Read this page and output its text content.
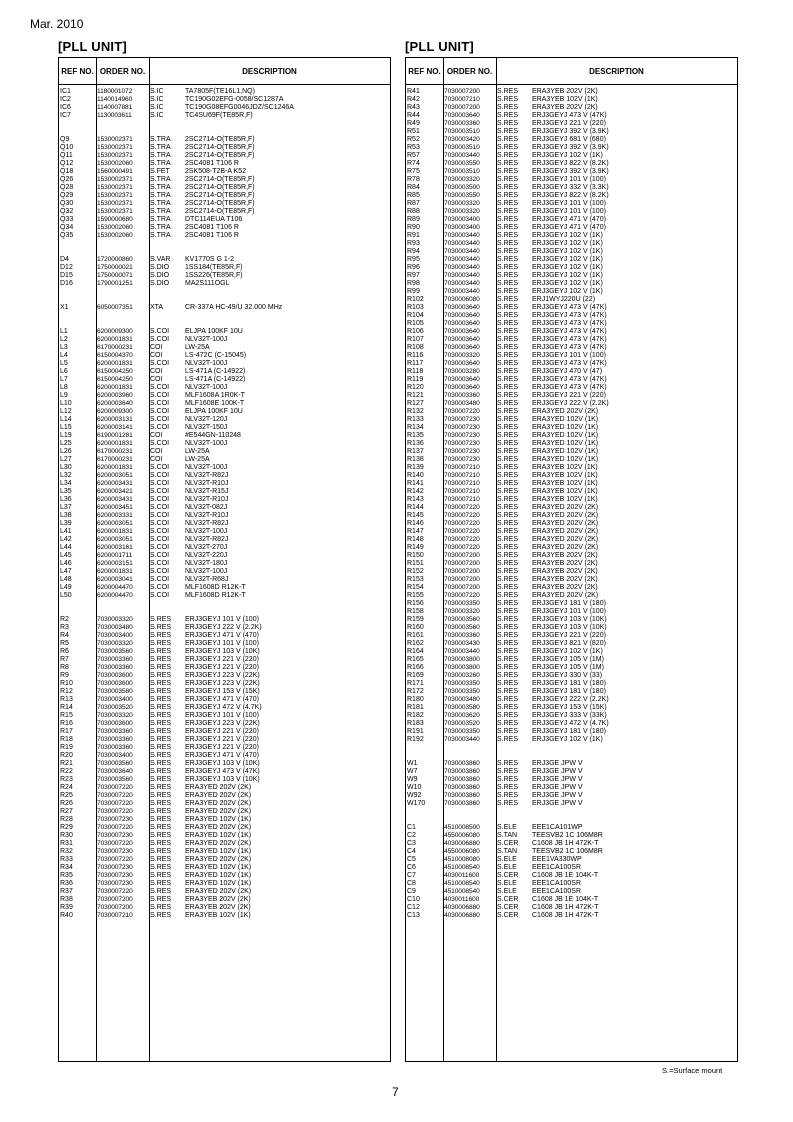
Mar. 2010
[PLL UNIT]	[PLL UNIT]
REF NO. ORDER NO.	DESCRIPTION
IC1	1180001072	S.IC	TA7805F(TE16L1,NQ)
IC2	1140014960	S.IC	TC190G02EFG-0058/SC1287A
IC6	1140007881	S.IC	TC190G08EFG0046JDZ/SC1246A
IC7	1130003611	S.IC	TC4SU69F(TE85R,F)
Q9	1530002371 S.TRA 2SC2714-O(TE85R,F)
Q10	1530002371 S.TRA 2SC2714-O(TE85R,F)
Q11	1530002371 S.TRA 2SC2714-O(TE85R,F)
Q12	1530002060 S.TRA 2SC4081 T106 R
Q18	1560000491 S.FET 2SK508-T2B-A K52
Q26	1530002371 S.TRA 2SC2714-O(TE85R,F)
Q28	1530002371 S.TRA 2SC2714-O(TE85R,F)
Q29	1530002371 S.TRA 2SC2714-O(TE85R,F)
Q30	1530002371 S.TRA 2SC2714-O(TE85R,F)
Q32	1530002371 S.TRA 2SC2714-O(TE85R,F)
Q33	1590000680 S.TRA DTC114EUA T106
Q34	1530002060 S.TRA 2SC4081 T106 R
Q35	1530002060 S.TRA 2SC4081 T106 R
D4	1720000860 S.VAR KV1770S G 1-2
D12	1750000021 S.DIO 1SS184(TE85R,F)
D15	1750000071 S.DIO 1SS226(TE85R,F)
D16	1790001251 S.DIO MA2S111OGL
X1	6050007351 XTA	CR-337A HC-49/U 32.000 MHz
L1	6200009300 S.COI ELJPA 100KF 10U
L2	6200001831 S.COI NLV32T-100J
L3	6170000231 COI	LW-25A
L4	6150004370 COI	LS-472C (C-15045)
L5	6200001831 S.COI NLV32T-100J
L6	6150004250 COI	LS-471A (C-14922)
L7	6150004250 COI	LS-471A (C-14922)
L8	6200001831 S.COI NLV32T-100J
L9	6200003960 S.COI MLF1608A 1R0K-T
L10	6200003640 S.COI MLF1608E 100K-T
L12	6200009300 S.COI ELJPA 100KF 10U
L14	6200003131 S.COI NLV32T-120J
L15	6200003141 S.COI NLV32T-150J
L19	6190001281 COI	#E544GN-110248
L25	6200001831 S.COI NLV32T-100J
L26	6170000231 COI	LW-25A
L27	6170000231 COI	LW-25A
L30	6200001831 S.COI NLV32T-100J
L32	6200003051 S.COI NLV32T-R82J
L34	6200003431 S.COI NLV32T-R10J
L35	6200003421 S.COI NLV32T-R15J
L36	6200003431 S.COI NLV32T-R10J
L37	6200003451 S.COI NLV32T-082J
L38	6200003331 S.COI NLV32T-R10J
L39	6200003051 S.COI NLV32T-R82J
L41	6200001831 S.COI NLV32T-100J
L42	6200003051 S.COI NLV32T-R82J
L44	6200003161 S.COI NLV32T-270J
L45	6200001711	S.COI NLV32T-220J
L46	6200003151 S.COI NLV32T-180J
L47	6200001831 S.COI NLV32T-100J
L48	6200003041 S.COI NLV32T-R68J
L49	6200004470 S.COI MLF1608D R12K-T
L50	6200004470 S.COI MLF1608D R12K-T
R2	7030003320 S.RES ERJ3GEYJ 101 V (100)
R3	7030003480 S.RES ERJ3GEYJ 222 V (2.2K)
R4	7030003400 S.RES ERJ3GEYJ 471 V (470)
R5	7030003320 S.RES ERJ3GEYJ 101 V (100)
R6	7030003560 S.RES ERJ3GEYJ 103 V (10K)
R7	7030003360 S.RES ERJ3GEYJ 221 V (220)
R8	7030003360 S.RES ERJ3GEYJ 221 V (220)
R9	7030003600 S.RES ERJ3GEYJ 223 V (22K)
R10	7030003600 S.RES ERJ3GEYJ 223 V (22K)
R12	7030003580 S.RES ERJ3GEYJ 153 V (15K)
R13	7030003400 S.RES ERJ3GEYJ 471 V (470)
R14	7030003520 S.RES ERJ3GEYJ 472 V (4.7K)
R15	7030003320 S.RES ERJ3GEYJ 101 V (100)
R16	7030003600 S.RES ERJ3GEYJ 223 V (22K)
R17	7030003360 S.RES ERJ3GEYJ 221 V (220)
R18	7030003360 S.RES ERJ3GEYJ 221 V (220)
R19	7030003360 S.RES ERJ3GEYJ 221 V (220)
R20	7030003400 S.RES ERJ3GEYJ 471 V (470)
R21	7030003560 S.RES ERJ3GEYJ 103 V (10K)
R22	7030003640 S.RES ERJ3GEYJ 473 V (47K)
R23	7030003560 S.RES ERJ3GEYJ 103 V (10K)
R24	7030007220 S.RES ERA3YED 202V (2K)
R25	7030007220 S.RES ERA3YED 202V (2K)
R26	7030007220 S.RES ERA3YED 202V (2K)
R27	7030007220 S.RES ERA3YED 202V (2K)
R28	7030007230 S.RES ERA3YED 102V (1K)
R29	7030007220 S.RES ERA3YED 202V (2K)
R30	7030007230 S.RES ERA3YED 102V (1K)
R31	7030007220 S.RES ERA3YED 202V (2K)
R32	7030007230 S.RES ERA3YED 102V (1K)
R33	7030007220 S.RES ERA3YED 202V (2K)
R34	7030007230 S.RES ERA3YED 102V (1K)
R35	7030007230 S.RES ERA3YED 102V (1K)
R36	7030007230 S.RES ERA3YED 102V (1K)
R37	7030007220 S.RES ERA3YED 202V (2K)
R38	7030007200 S.RES ERA3YEB 202V (2K)
R39	7030007200 S.RES ERA3YEB 202V (2K)
R40	7030007210 S.RES ERA3YEB 102V (1K)
REF NO. ORDER NO.	DESCRIPTION
R41	7030007200 S.RES ERA3YEB 202V (2K)
R42	7030007210 S.RES ERA3YEB 102V (1K)
R43	7030007200 S.RES ERA3YEB 202V (2K)
R44	7030003640 S.RES ERJ3GEYJ 473 V (47K)
R49	7030003360 S.RES ERJ3GEYJ 221 V (220)
R51	7030003510 S.RES ERJ3GEYJ 392 V (3.9K)
R52	7030003420 S.RES ERJ3GEYJ 681 V (680)
R53	7030003510 S.RES ERJ3GEYJ 392 V (3.9K)
R57	7030003440 S.RES ERJ3GEYJ 102 V (1K)
R74	7030003550 S.RES ERJ3GEYJ 822 V (8.2K)
R75	7030003510 S.RES ERJ3GEYJ 392 V (3.9K)
R78	7030003320 S.RES ERJ3GEYJ 101 V (100)
R84	7030003500 S.RES ERJ3GEYJ 332 V (3.3K)
R85	7030003550 S.RES ERJ3GEYJ 822 V (8.2K)
R87	7030003320 S.RES ERJ3GEYJ 101 V (100)
R88	7030003320 S.RES ERJ3GEYJ 101 V (100)
R89	7030003400 S.RES ERJ3GEYJ 471 V (470)
R90	7030003400 S.RES ERJ3GEYJ 471 V (470)
R91	7030003440 S.RES ERJ3GEYJ 102 V (1K)
R93	7030003440 S.RES ERJ3GEYJ 102 V (1K)
R94	7030003440 S.RES ERJ3GEYJ 102 V (1K)
R95	7030003440 S.RES ERJ3GEYJ 102 V (1K)
R96	7030003440 S.RES ERJ3GEYJ 102 V (1K)
R97	7030003440 S.RES ERJ3GEYJ 102 V (1K)
R98	7030003440 S.RES ERJ3GEYJ 102 V (1K)
R99	7030003440 S.RES ERJ3GEYJ 102 V (1K)
R102	7030006080 S.RES ERJ1WYJ220U (22)
R103	7030003640 S.RES ERJ3GEYJ 473 V (47K)
R104	7030003640 S.RES ERJ3GEYJ 473 V (47K)
R105	7030003640 S.RES ERJ3GEYJ 473 V (47K)
R106	7030003640 S.RES ERJ3GEYJ 473 V (47K)
R107	7030003640 S.RES ERJ3GEYJ 473 V (47K)
R108	7030003640 S.RES ERJ3GEYJ 473 V (47K)
R116	7030003320 S.RES ERJ3GEYJ 101 V (100)
R117	7030003640 S.RES ERJ3GEYJ 473 V (47K)
R118	7030003280 S.RES ERJ3GEYJ 470 V (47)
R119	7030003640 S.RES ERJ3GEYJ 473 V (47K)
R120	7030003640 S.RES ERJ3GEYJ 473 V (47K)
R121	7030003360 S.RES ERJ3GEYJ 221 V (220)
R127	7030003480 S.RES ERJ3GEYJ 222 V (2.2K)
R132	7030007220 S.RES ERA3YED 202V (2K)
R133	7030007230 S.RES ERA3YED 102V (1K)
R134	7030007230 S.RES ERA3YED 102V (1K)
R135	7030007230 S.RES ERA3YED 102V (1K)
R136	7030007230 S.RES ERA3YED 102V (1K)
R137	7030007230 S.RES ERA3YED 102V (1K)
R138	7030007230 S.RES ERA3YED 102V (1K)
R139	7030007210 S.RES ERA3YEB 102V (1K)
R140	7030007210 S.RES ERA3YEB 102V (1K)
R141	7030007210 S.RES ERA3YEB 102V (1K)
R142	7030007210 S.RES ERA3YEB 102V (1K)
R143	7030007210 S.RES ERA3YEB 102V (1K)
R144	7030007220 S.RES ERA3YED 202V (2K)
R145	7030007220 S.RES ERA3YED 202V (2K)
R146	7030007220 S.RES ERA3YED 202V (2K)
R147	7030007220 S.RES ERA3YED 202V (2K)
R148	7030007220 S.RES ERA3YED 202V (2K)
R149	7030007220 S.RES ERA3YED 202V (2K)
R150	7030007200 S.RES ERA3YEB 202V (2K)
R151	7030007200 S.RES ERA3YEB 202V (2K)
R152	7030007200 S.RES ERA3YEB 202V (2K)
R153	7030007200 S.RES ERA3YEB 202V (2K)
R154	7030007200 S.RES ERA3YEB 202V (2K)
R155	7030007220 S.RES ERA3YED 202V (2K)
R156	7030003350 S.RES ERJ3GEYJ 181 V (180)
R158	7030003320 S.RES ERJ3GEYJ 101 V (100)
R159	7030003560 S.RES ERJ3GEYJ 103 V (10K)
R160	7030003560 S.RES ERJ3GEYJ 103 V (10K)
R161	7030003360 S.RES ERJ3GEYJ 221 V (220)
R162	7030003430 S.RES ERJ3GEYJ 821 V (820)
R164	7030003440 S.RES ERJ3GEYJ 102 V (1K)
R165	7030003800 S.RES ERJ3GEYJ 105 V (1M)
R166	7030003800 S.RES ERJ3GEYJ 105 V (1M)
R169	7030003260 S.RES ERJ3GEYJ 330 V (33)
R171	7030003350 S.RES ERJ3GEYJ 181 V (180)
R172	7030003350 S.RES ERJ3GEYJ 181 V (180)
R180	7030003480 S.RES ERJ3GEYJ 222 V (2.2K)
R181	7030003580 S.RES ERJ3GEYJ 153 V (15K)
R182	7030003620 S.RES ERJ3GEYJ 333 V (33K)
R183	7030003520 S.RES ERJ3GEYJ 472 V (4.7K)
R191	7030003350 S.RES ERJ3GEYJ 181 V (180)
R192	7030003440 S.RES ERJ3GEYJ 102 V (1K)
W1	7030003860 S.RES ERJ3GE JPW V
W7	7030003860 S.RES ERJ3GE JPW V
W9	7030003860 S.RES ERJ3GE JPW V
W10	7030003860 S.RES ERJ3GE JPW V
W92	7030003860 S.RES ERJ3GE JPW V
W170	7030003860 S.RES ERJ3GE JPW V
C1	4510008500 S.ELE EEE1CA101WP
C2	4550006080 S.TAN TEESVB2 1C 106M8R
C3	4030006880 S.CER C1608 JB 1H 472K-T
C4	4550006080 S.TAN TEESVB2 1C 106M8R
C5	4510008080 S.ELE EEE1VA330WP
C6	4510008540 S.ELE EEE1CA100SR
C7	4030011600	S.CER C1608 JB 1E 104K-T
C8	4510008540 S.ELE EEE1CA100SR
C9	4510008540 S.ELE EEE1CA100SR
C10	4030011600	S.CER C1608 JB 1E 104K-T
C12	4030006880 S.CER C1608 JB 1H 472K-T
C13	4030006880 S.CER C1608 JB 1H 472K-T
S.=Surface mount
7
